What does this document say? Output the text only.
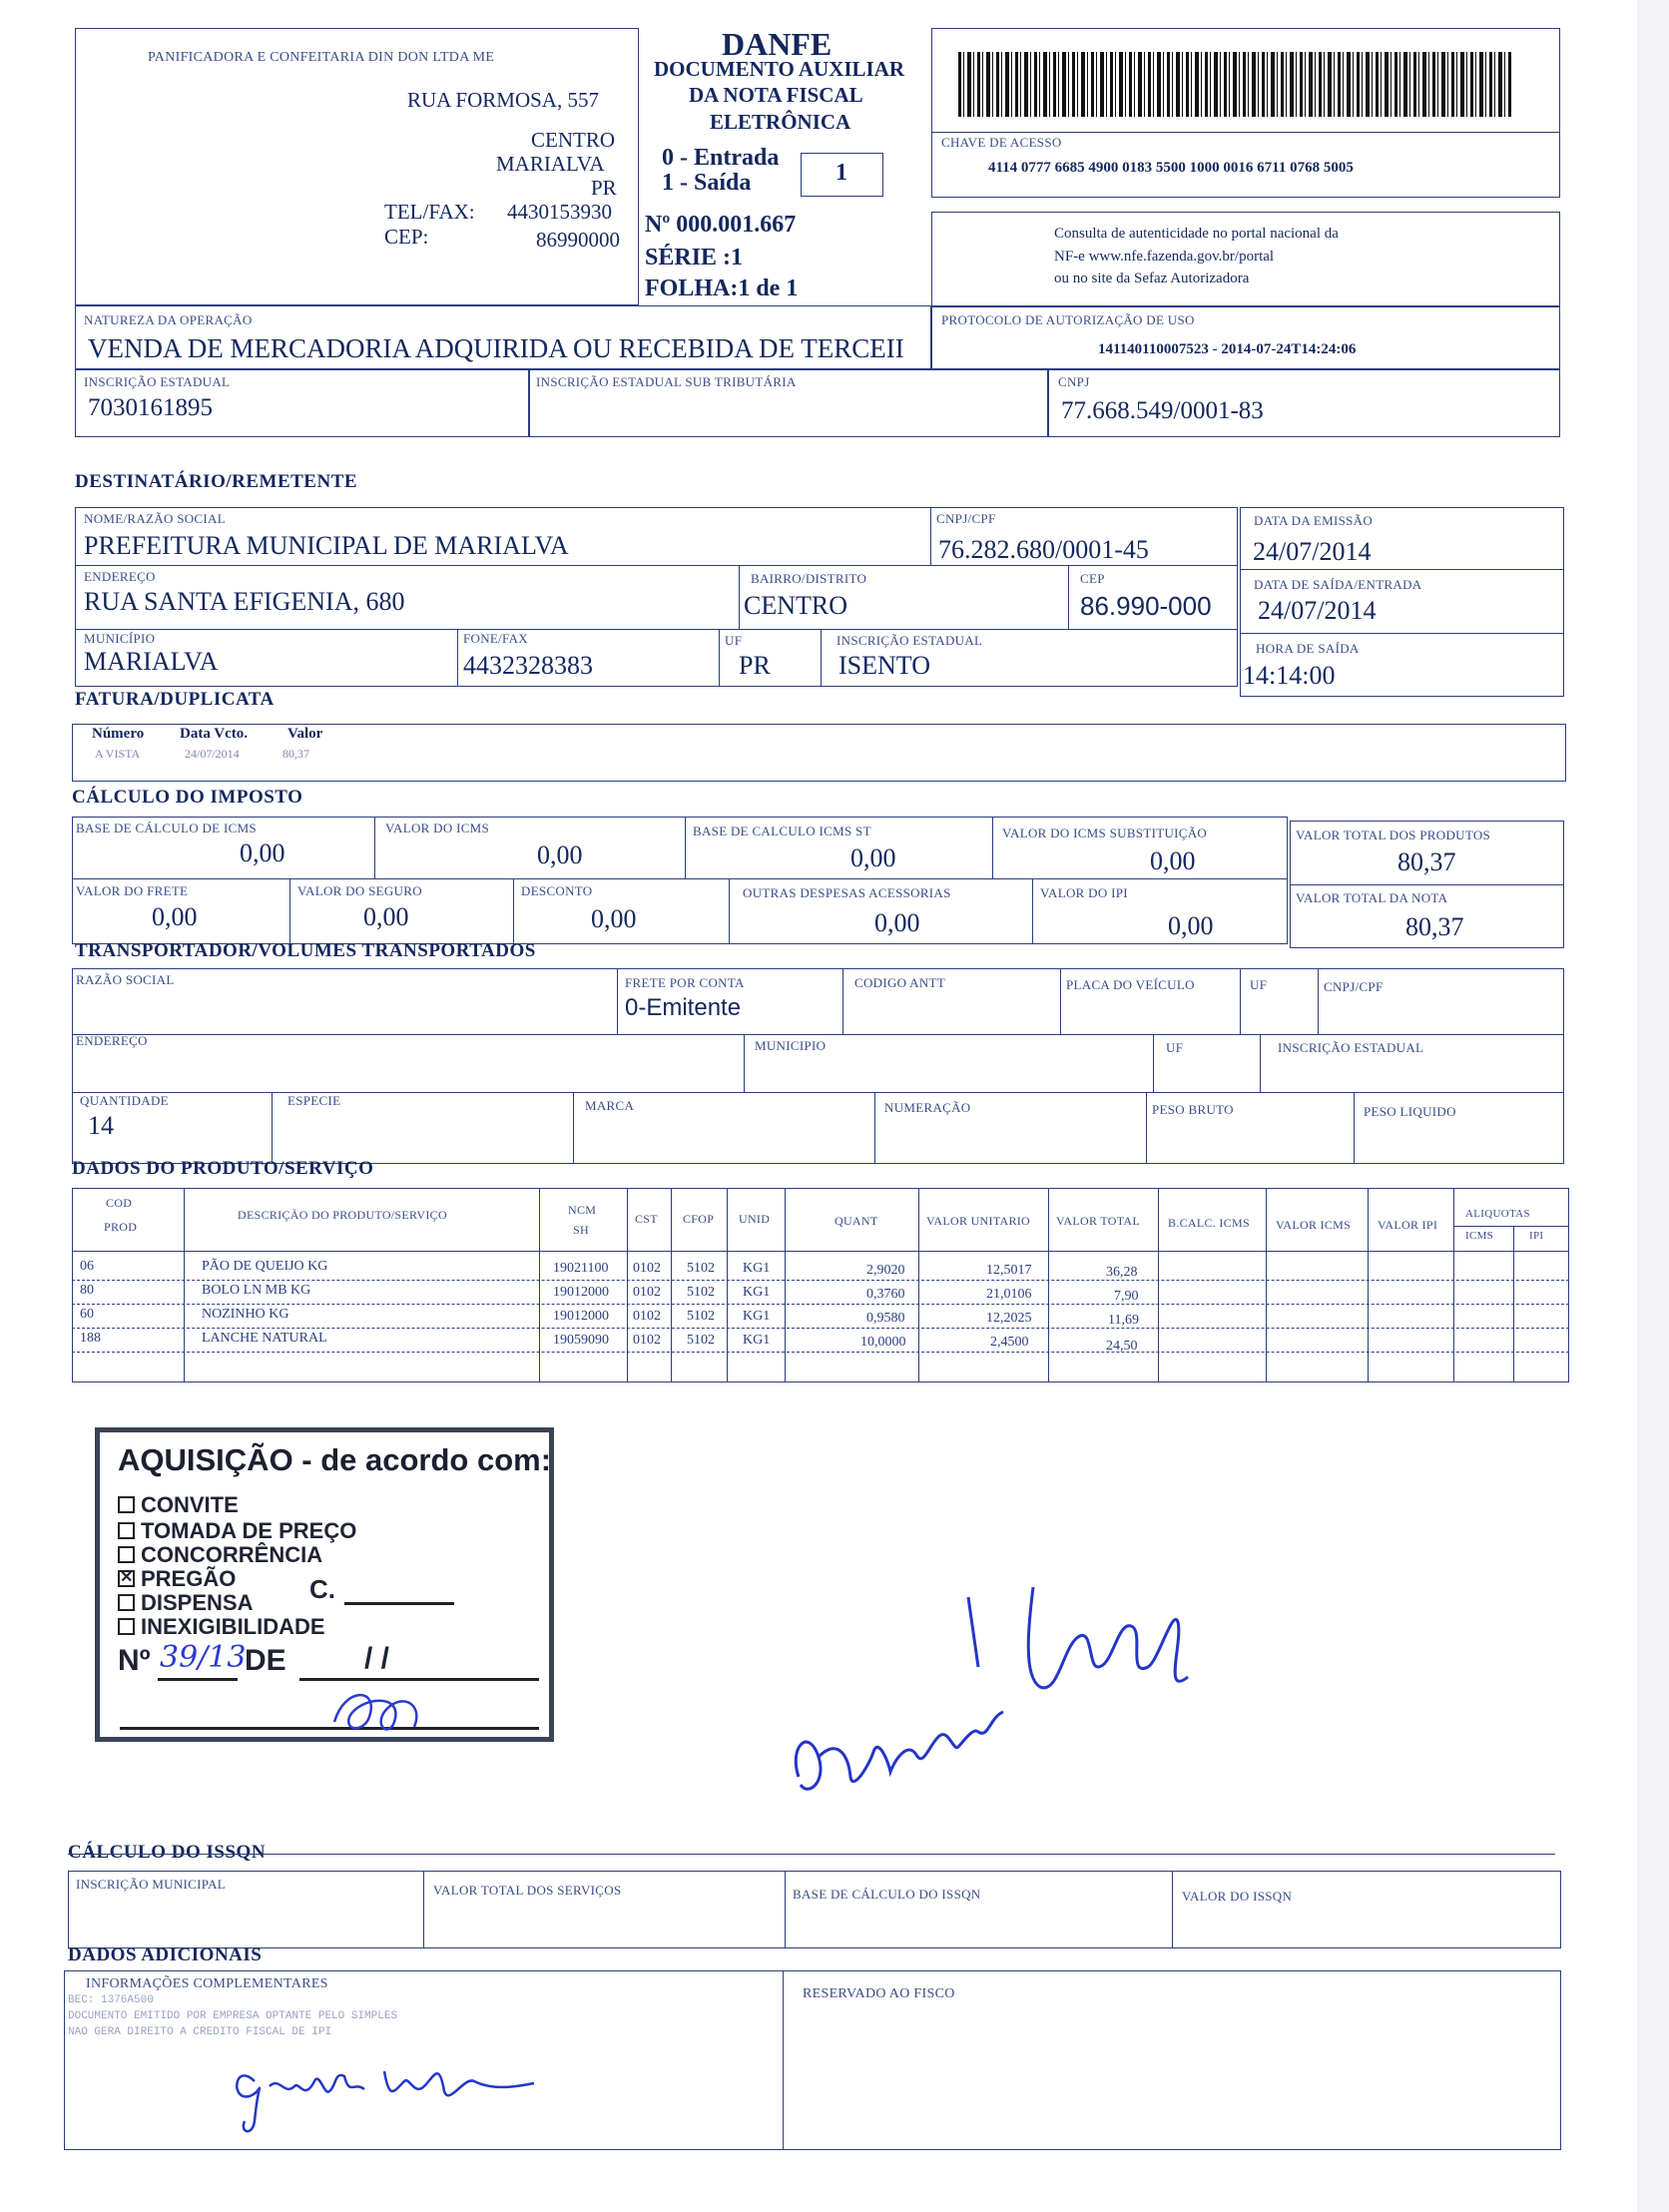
PANIFICADORA E CONFEITARIA DIN DON LTDA ME
RUA FORMOSA, 557
CENTRO
MARIALVA
PR
TEL/FAX: 4430153930
CEP:	86990000
DANFE
DOCUMENTO AUXILIAR
DA NOTA FISCAL
ELETRÔNICA
0 - Entrada
1 - Saída	1
Nº 000.001.667
SÉRIE :1
FOLHA:1 de 1
CHAVE DE ACESSO
4114 0777 6685 4900 0183 5500 1000 0016 6711 0768 5005
Consulta de autenticidade no portal nacional da
NF-e www.nfe.fazenda.gov.br/portal
ou no site da Sefaz Autorizadora
NATUREZA DA OPERAÇÃO
VENDA DE MERCADORIA ADQUIRIDA OU RECEBIDA DE TERCEII
PROTOCOLO DE AUTORIZAÇÃO DE USO
141140110007523 - 2014-07-24T14:24:06
INSCRIÇÃO ESTADUAL
7030161895
INSCRIÇÃO ESTADUAL SUB TRIBUTÁRIA	CNPJ
77.668.549/0001-83
DESTINATÁRIO/REMETENTE
NOME/RAZÃO SOCIAL
PREFEITURA MUNICIPAL DE MARIALVA
CNPJ/CPF
76.282.680/0001-45
ENDEREÇO
RUA SANTA EFIGENIA, 680
BAIRRO/DISTRITO
CENTRO
CEP
86.990-000
MUNICÍPIO
MARIALVA
FONE/FAX
4432328383
UF
PR
INSCRIÇÃO ESTADUAL
ISENTO
DATA DA EMISSÃO
24/07/2014
DATA DE SAÍDA/ENTRADA
24/07/2014
HORA DE SAÍDA
14:14:00
FATURA/DUPLICATA
Número Data Vcto.	Valor
A VISTA	24/07/2014	80,37
CÁLCULO DO IMPOSTO
BASE DE CÁLCULO DE ICMS
0,00
VALOR DO ICMS
0,00
BASE DE CALCULO ICMS ST
0,00
VALOR DO ICMS SUBSTITUIÇÃO
0,00
VALOR DO FRETE
0,00
VALOR DO SEGURO
0,00
DESCONTO
0,00
OUTRAS DESPESAS ACESSORIAS
0,00
VALOR DO IPI
0,00
VALOR TOTAL DOS PRODUTOS
80,37
VALOR TOTAL DA NOTA
80,37
TRANSPORTADOR/VOLUMES TRANSPORTADOS
RAZÃO SOCIAL	FRETE POR CONTA
0-Emitente
CODIGO ANTT	PLACA DO VEÍCULO	UF	CNPJ/CPF
ENDEREÇO	MUNICIPIO	UF	INSCRIÇÃO ESTADUAL
QUANTIDADE
14
ESPECIE	MARCA	NUMERAÇÃO	PESO BRUTO	PESO LIQUIDO
DADOS DO PRODUTO/SERVIÇO
COD
PROD
DESCRIÇÃO DO PRODUTO/SERVIÇO	NCM
SH
CST CFOP UNID	QUANT	VALOR UNITARIO VALOR TOTAL B.CALC. ICMS VALOR ICMS VALOR IPI
ALIQUOTAS
ICMS	IPI
06	PÃO DE QUEIJO KG	19021100 0102 5102 KG1	2,9020	12,5017	36,28
80	BOLO LN MB KG	19012000 0102 5102 KG1	0,3760	21,0106	7,90
60	NOZINHO KG	19012000 0102 5102 KG1	0,9580	12,2025	11,69
188	LANCHE NATURAL	19059090 0102 5102 KG1	10,0000	2,4500	24,50
AQUISIÇÃO - de acordo com:
CONVITE
TOMADA DE PREÇO
CONCORRÊNCIA
✕ PREGÃO	C.
DISPENSA
INEXIGIBILIDADE
Nº 39/13
DE	/ /
CÁLCULO DO ISSQN
INSCRIÇÃO MUNICIPAL	VALOR TOTAL DOS SERVIÇOS	BASE DE CÁLCULO DO ISSQN	VALOR DO ISSQN
DADOS ADICIONAIS
INFORMAÇÕES COMPLEMENTARES
BEC: 1376A500
DOCUMENTO EMITIDO POR EMPRESA OPTANTE PELO SIMPLES
NAO GERA DIREITO A CREDITO FISCAL DE IPI
RESERVADO AO FISCO
